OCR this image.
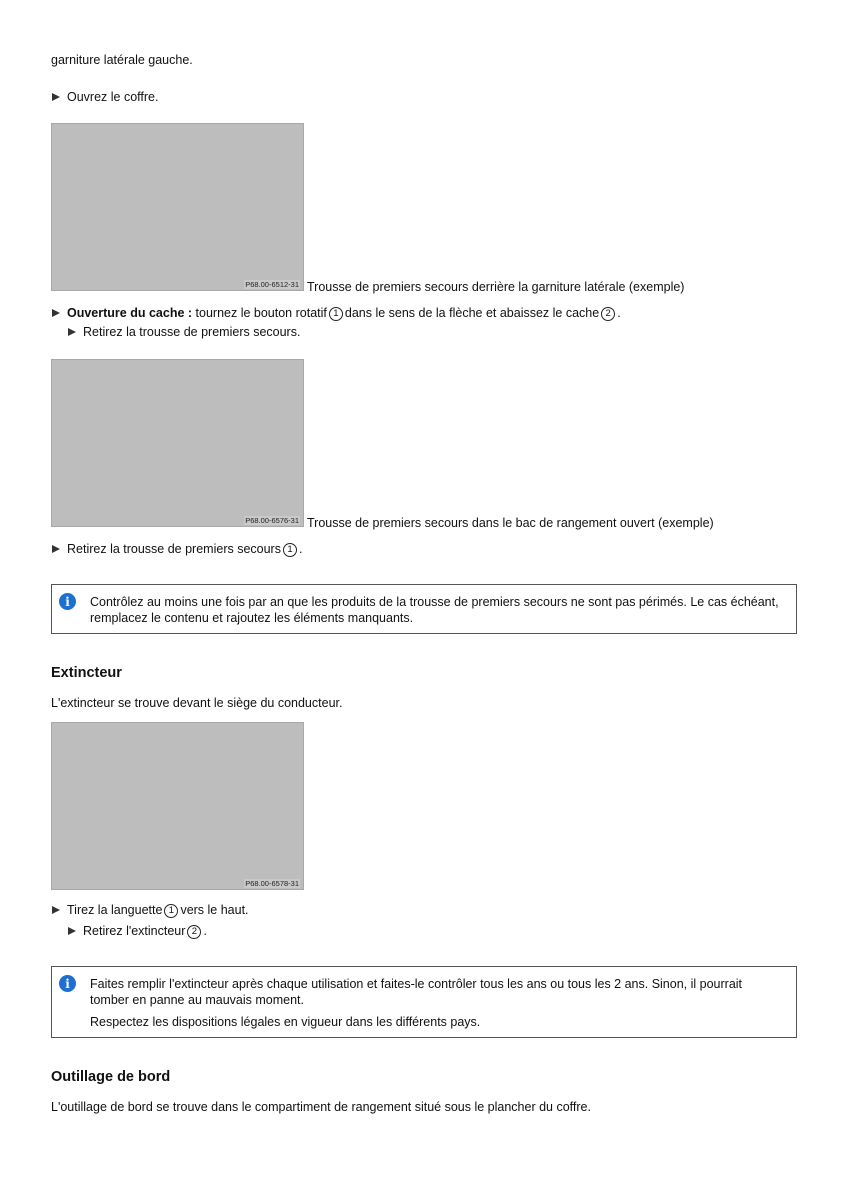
garniture latérale gauche.
Ouvrez le coffre.
P68.00-6512-31 Trousse de premiers secours derrière la garniture latérale (exemple)
Ouverture du cache : tournez le bouton rotatif 1 dans le sens de la flèche et abaissez le cache 2 .
Retirez la trousse de premiers secours.
P68.00-6576-31 Trousse de premiers secours dans le bac de rangement ouvert (exemple)
Retirez la trousse de premiers secours 1 .
i	Contrôlez au moins une fois par an que les produits de la trousse de premiers secours ne sont pas périmés. Le cas échéant, remplacez le contenu et rajoutez les éléments manquants.
Extincteur
L'extincteur se trouve devant le siège du conducteur.
P68.00-6578-31
Tirez la languette 1 vers le haut.
Retirez l'extincteur 2 .
i	Faites remplir l'extincteur après chaque utilisation et faites-le contrôler tous les ans ou tous les 2 ans. Sinon, il pourrait tomber en panne au mauvais moment.
Respectez les dispositions légales en vigueur dans les différents pays.
Outillage de bord
L'outillage de bord se trouve dans le compartiment de rangement situé sous le plancher du coffre.
